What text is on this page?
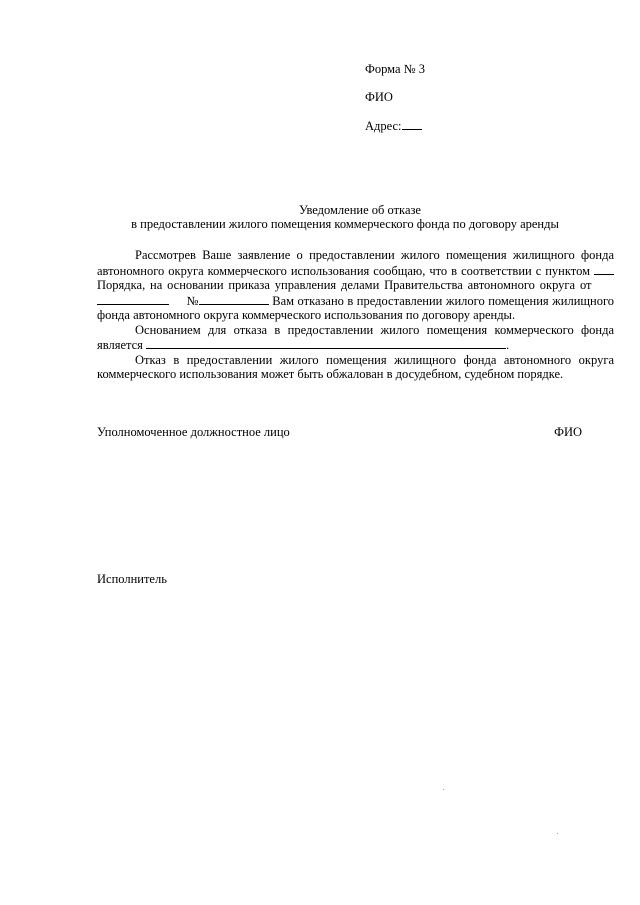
Форма № 3
ФИО
Адрес:
Уведомление об отказе
в предоставлении жилого помещения коммерческого фонда по договору аренды

Рассмотрев Ваше заявление о предоставлении жилого помещения жилищного фонда автономного округа коммерческого использования сообщаю, что в соответствии с пунктом  Порядка, на основании приказа управления делами Правительства автономного округа от          №	Вам отказано в предоставлении жилого помещения жилищного фонда автономного округа коммерческого использования по договору аренды.

Основанием для отказа в предоставлении жилого помещения коммерческого фонда является	.

Отказ в предоставлении жилого помещения жилищного фонда автономного округа коммерческого использования может быть обжалован в досудебном, судебном порядке.

Уполномоченное должностное лицо	ФИО
Исполнитель
